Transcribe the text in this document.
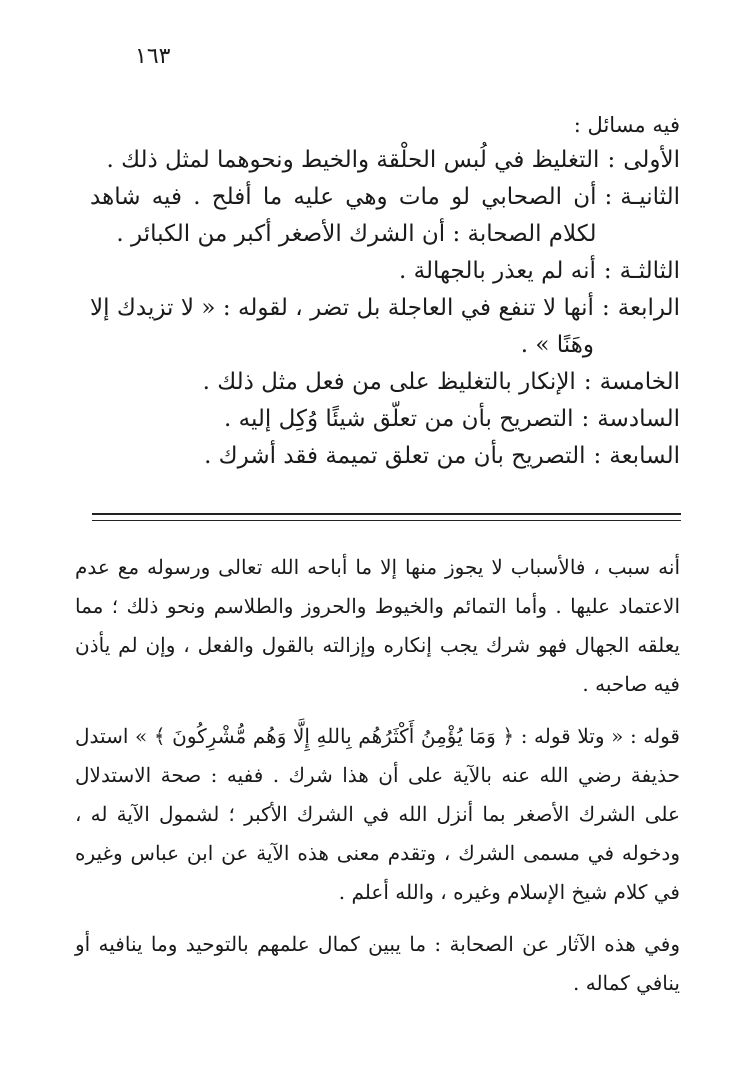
١٦٣
فيه مسائل :
الأولى
:
التغليظ في لُبس الحلْقة والخيط ونحوهما لمثل ذلك .
الثانيـة
:
أن الصحابي لو مات وهي عليه ما أفلح . فيه شاهد لكلام الصحابة : أن الشرك الأصغر أكبر من الكبائر .
الثالثـة
:
أنه لم يعذر بالجهالة .
الرابعة
:
أنها لا تنفع في العاجلة بل تضر ، لقوله : « لا تزيدك إلا وهَنًا » .
الخامسة
:
الإنكار بالتغليظ على من فعل مثل ذلك .
السادسة
:
التصريح بأن من تعلّق شيئًا وُكِل إليه .
السابعة
:
التصريح بأن من تعلق تميمة فقد أشرك .

أنه سبب ، فالأسباب لا يجوز منها إلا ما أباحه الله تعالى ورسوله مع عدم الاعتماد عليها . وأما التمائم والخيوط والحروز والطلاسم ونحو ذلك ؛ مما يعلقه الجهال فهو شرك يجب إنكاره وإزالته بالقول والفعل ، وإن لم يأذن فيه صاحبه .

قوله : « وتلا قوله : ﴿ وَمَا يُؤْمِنُ أَكْثَرُهُم بِاللهِ إِلَّا وَهُم مُّشْرِكُونَ ﴾ » استدل حذيفة رضي الله عنه بالآية على أن هذا شرك . ففيه : صحة الاستدلال على الشرك الأصغر بما أنزل الله في الشرك الأكبر ؛ لشمول الآية له ، ودخوله في مسمى الشرك ، وتقدم معنى هذه الآية عن ابن عباس وغيره في كلام شيخ الإسلام وغيره ، والله أعلم .

وفي هذه الآثار عن الصحابة : ما يبين كمال علمهم بالتوحيد وما ينافيه أو ينافي كماله .
